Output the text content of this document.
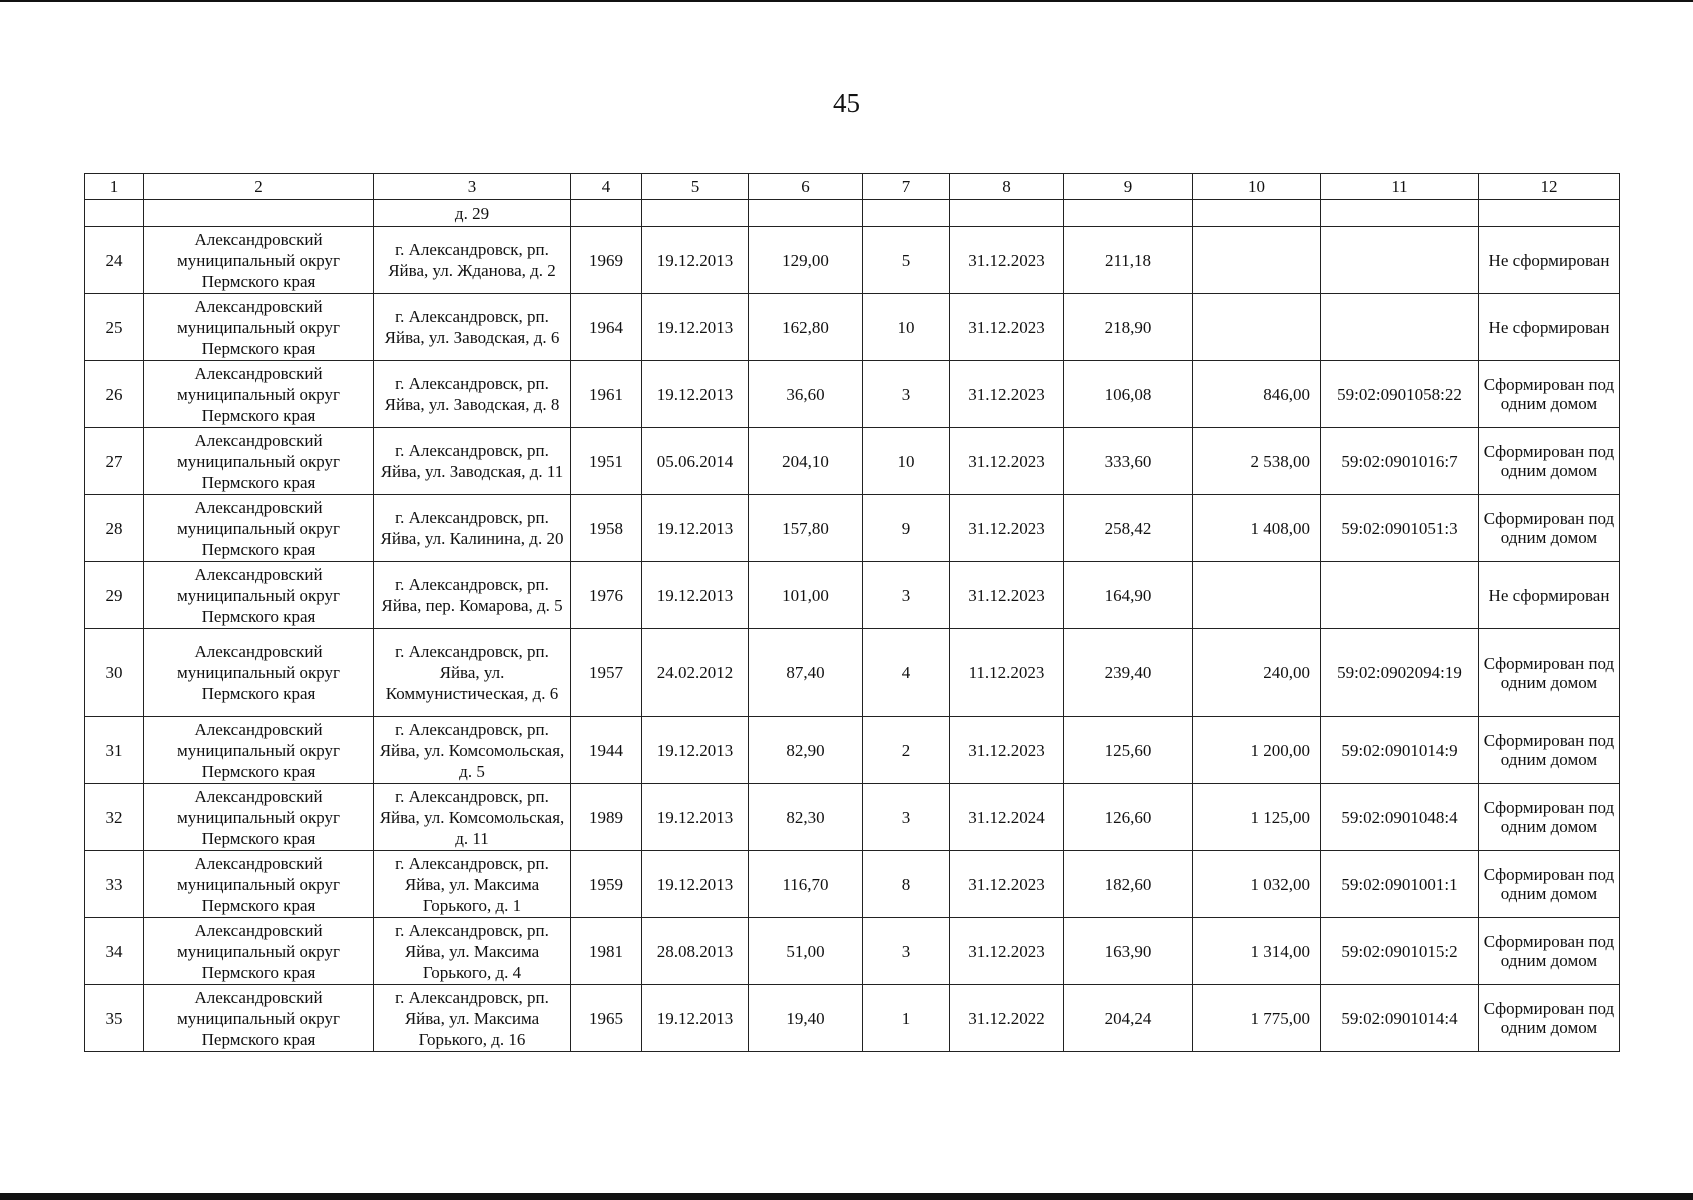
45
1	2	3	4	5	6	7	8	9	10	11	12
		д. 29									
24	Александровский муниципальный округ Пермского края	г. Александровск, рп. Яйва, ул. Жданова, д. 2	1969	19.12.2013	129,00	5	31.12.2023	211,18			Не сформирован
25	Александровский муниципальный округ Пермского края	г. Александровск, рп. Яйва, ул. Заводская, д. 6	1964	19.12.2013	162,80	10	31.12.2023	218,90			Не сформирован
26	Александровский муниципальный округ Пермского края	г. Александровск, рп. Яйва, ул. Заводская, д. 8	1961	19.12.2013	36,60	3	31.12.2023	106,08	846,00	59:02:0901058:22	Сформирован под одним домом
27	Александровский муниципальный округ Пермского края	г. Александровск, рп. Яйва, ул. Заводская, д. 11	1951	05.06.2014	204,10	10	31.12.2023	333,60	2 538,00	59:02:0901016:7	Сформирован под одним домом
28	Александровский муниципальный округ Пермского края	г. Александровск, рп. Яйва, ул. Калинина, д. 20	1958	19.12.2013	157,80	9	31.12.2023	258,42	1 408,00	59:02:0901051:3	Сформирован под одним домом
29	Александровский муниципальный округ Пермского края	г. Александровск, рп. Яйва, пер. Комарова, д. 5	1976	19.12.2013	101,00	3	31.12.2023	164,90			Не сформирован
30	Александровский муниципальный округ Пермского края	г. Александровск, рп. Яйва, ул. Коммунистическая, д. 6	1957	24.02.2012	87,40	4	11.12.2023	239,40	240,00	59:02:0902094:19	Сформирован под одним домом
31	Александровский муниципальный округ Пермского края	г. Александровск, рп. Яйва, ул. Комсомольская, д. 5	1944	19.12.2013	82,90	2	31.12.2023	125,60	1 200,00	59:02:0901014:9	Сформирован под одним домом
32	Александровский муниципальный округ Пермского края	г. Александровск, рп. Яйва, ул. Комсомольская, д. 11	1989	19.12.2013	82,30	3	31.12.2024	126,60	1 125,00	59:02:0901048:4	Сформирован под одним домом
33	Александровский муниципальный округ Пермского края	г. Александровск, рп. Яйва, ул. Максима Горького, д. 1	1959	19.12.2013	116,70	8	31.12.2023	182,60	1 032,00	59:02:0901001:1	Сформирован под одним домом
34	Александровский муниципальный округ Пермского края	г. Александровск, рп. Яйва, ул. Максима Горького, д. 4	1981	28.08.2013	51,00	3	31.12.2023	163,90	1 314,00	59:02:0901015:2	Сформирован под одним домом
35	Александровский муниципальный округ Пермского края	г. Александровск, рп. Яйва, ул. Максима Горького, д. 16	1965	19.12.2013	19,40	1	31.12.2022	204,24	1 775,00	59:02:0901014:4	Сформирован под одним домом
